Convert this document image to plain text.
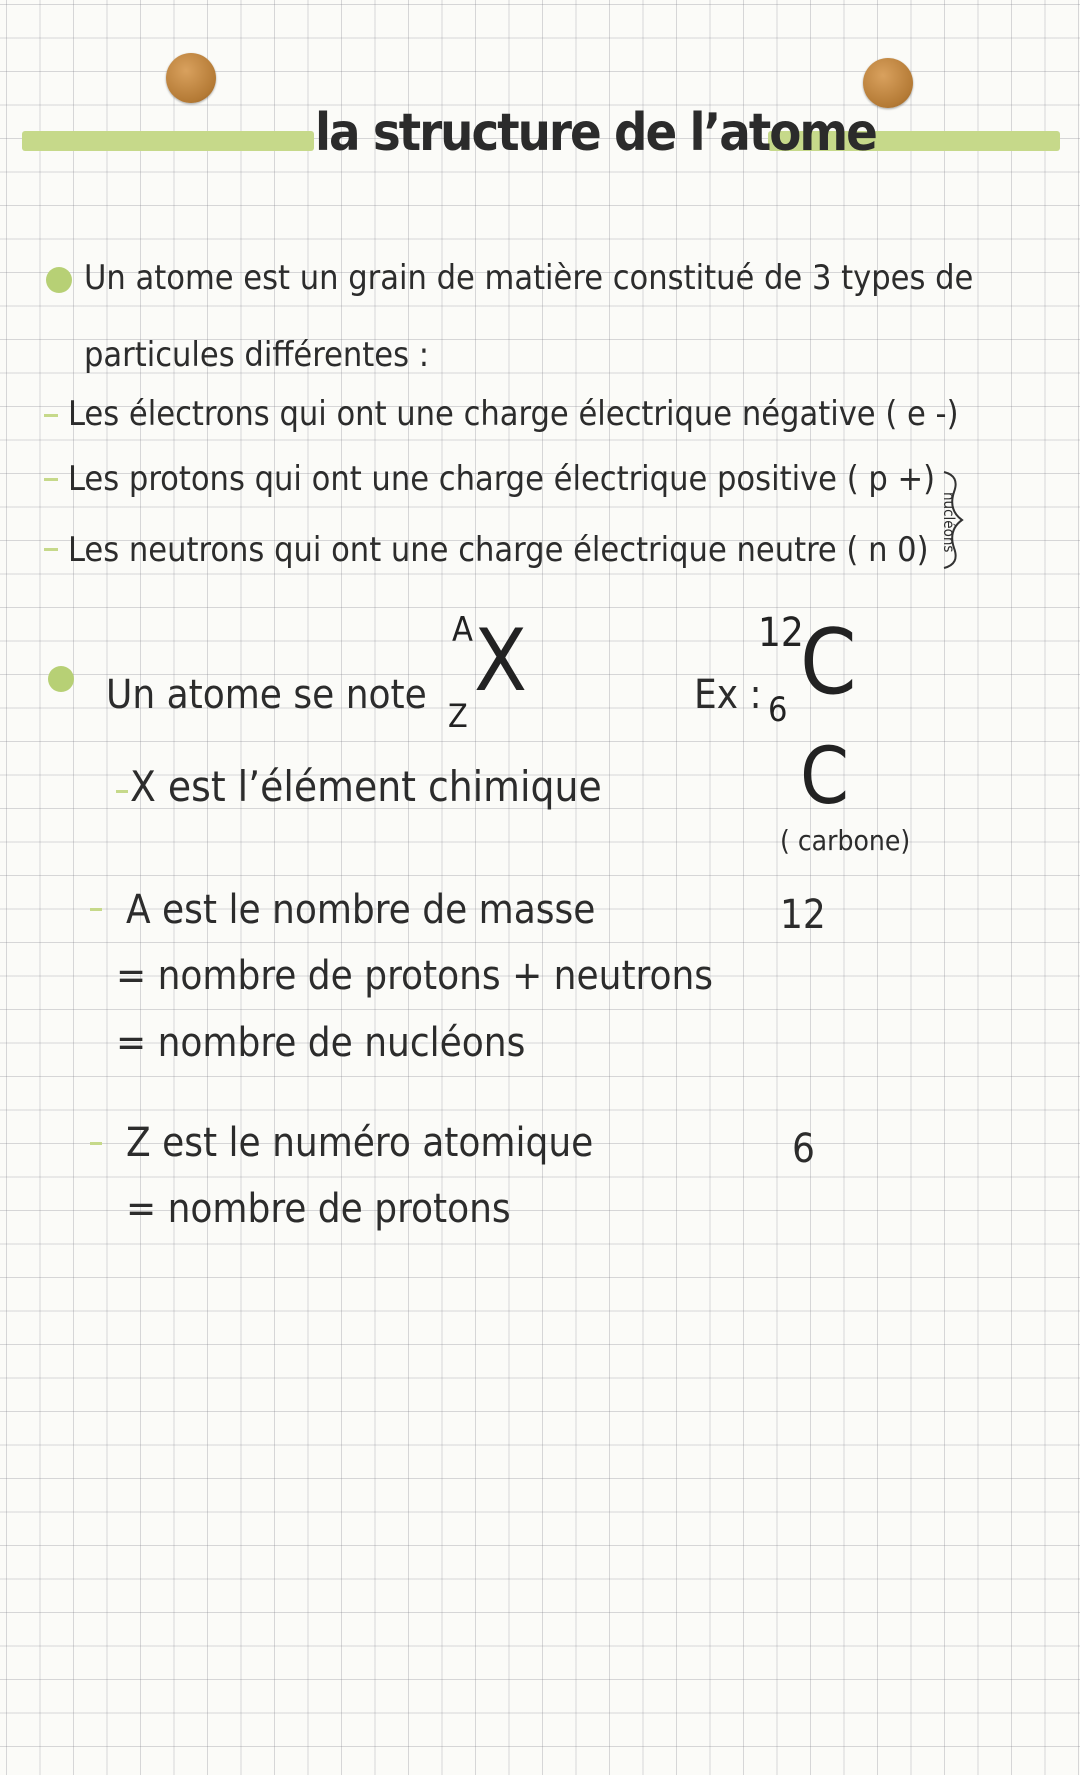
la structure de l’atome
Un atome est un grain de matière constitué de 3 types de
particules différentes :
Les électrons qui ont une charge électrique négative ( e -)
Les protons qui ont une charge électrique positive ( p +)
Les neutrons qui ont une charge électrique neutre ( n 0) nucléons
Un atome se note
A
Z
X	Ex :
12
6 C
X est l’élément chimique	C
( carbone)
A est le nombre de masse
= nombre de protons + neutrons
= nombre de nucléons
12
Z est le numéro atomique
= nombre de protons
6
